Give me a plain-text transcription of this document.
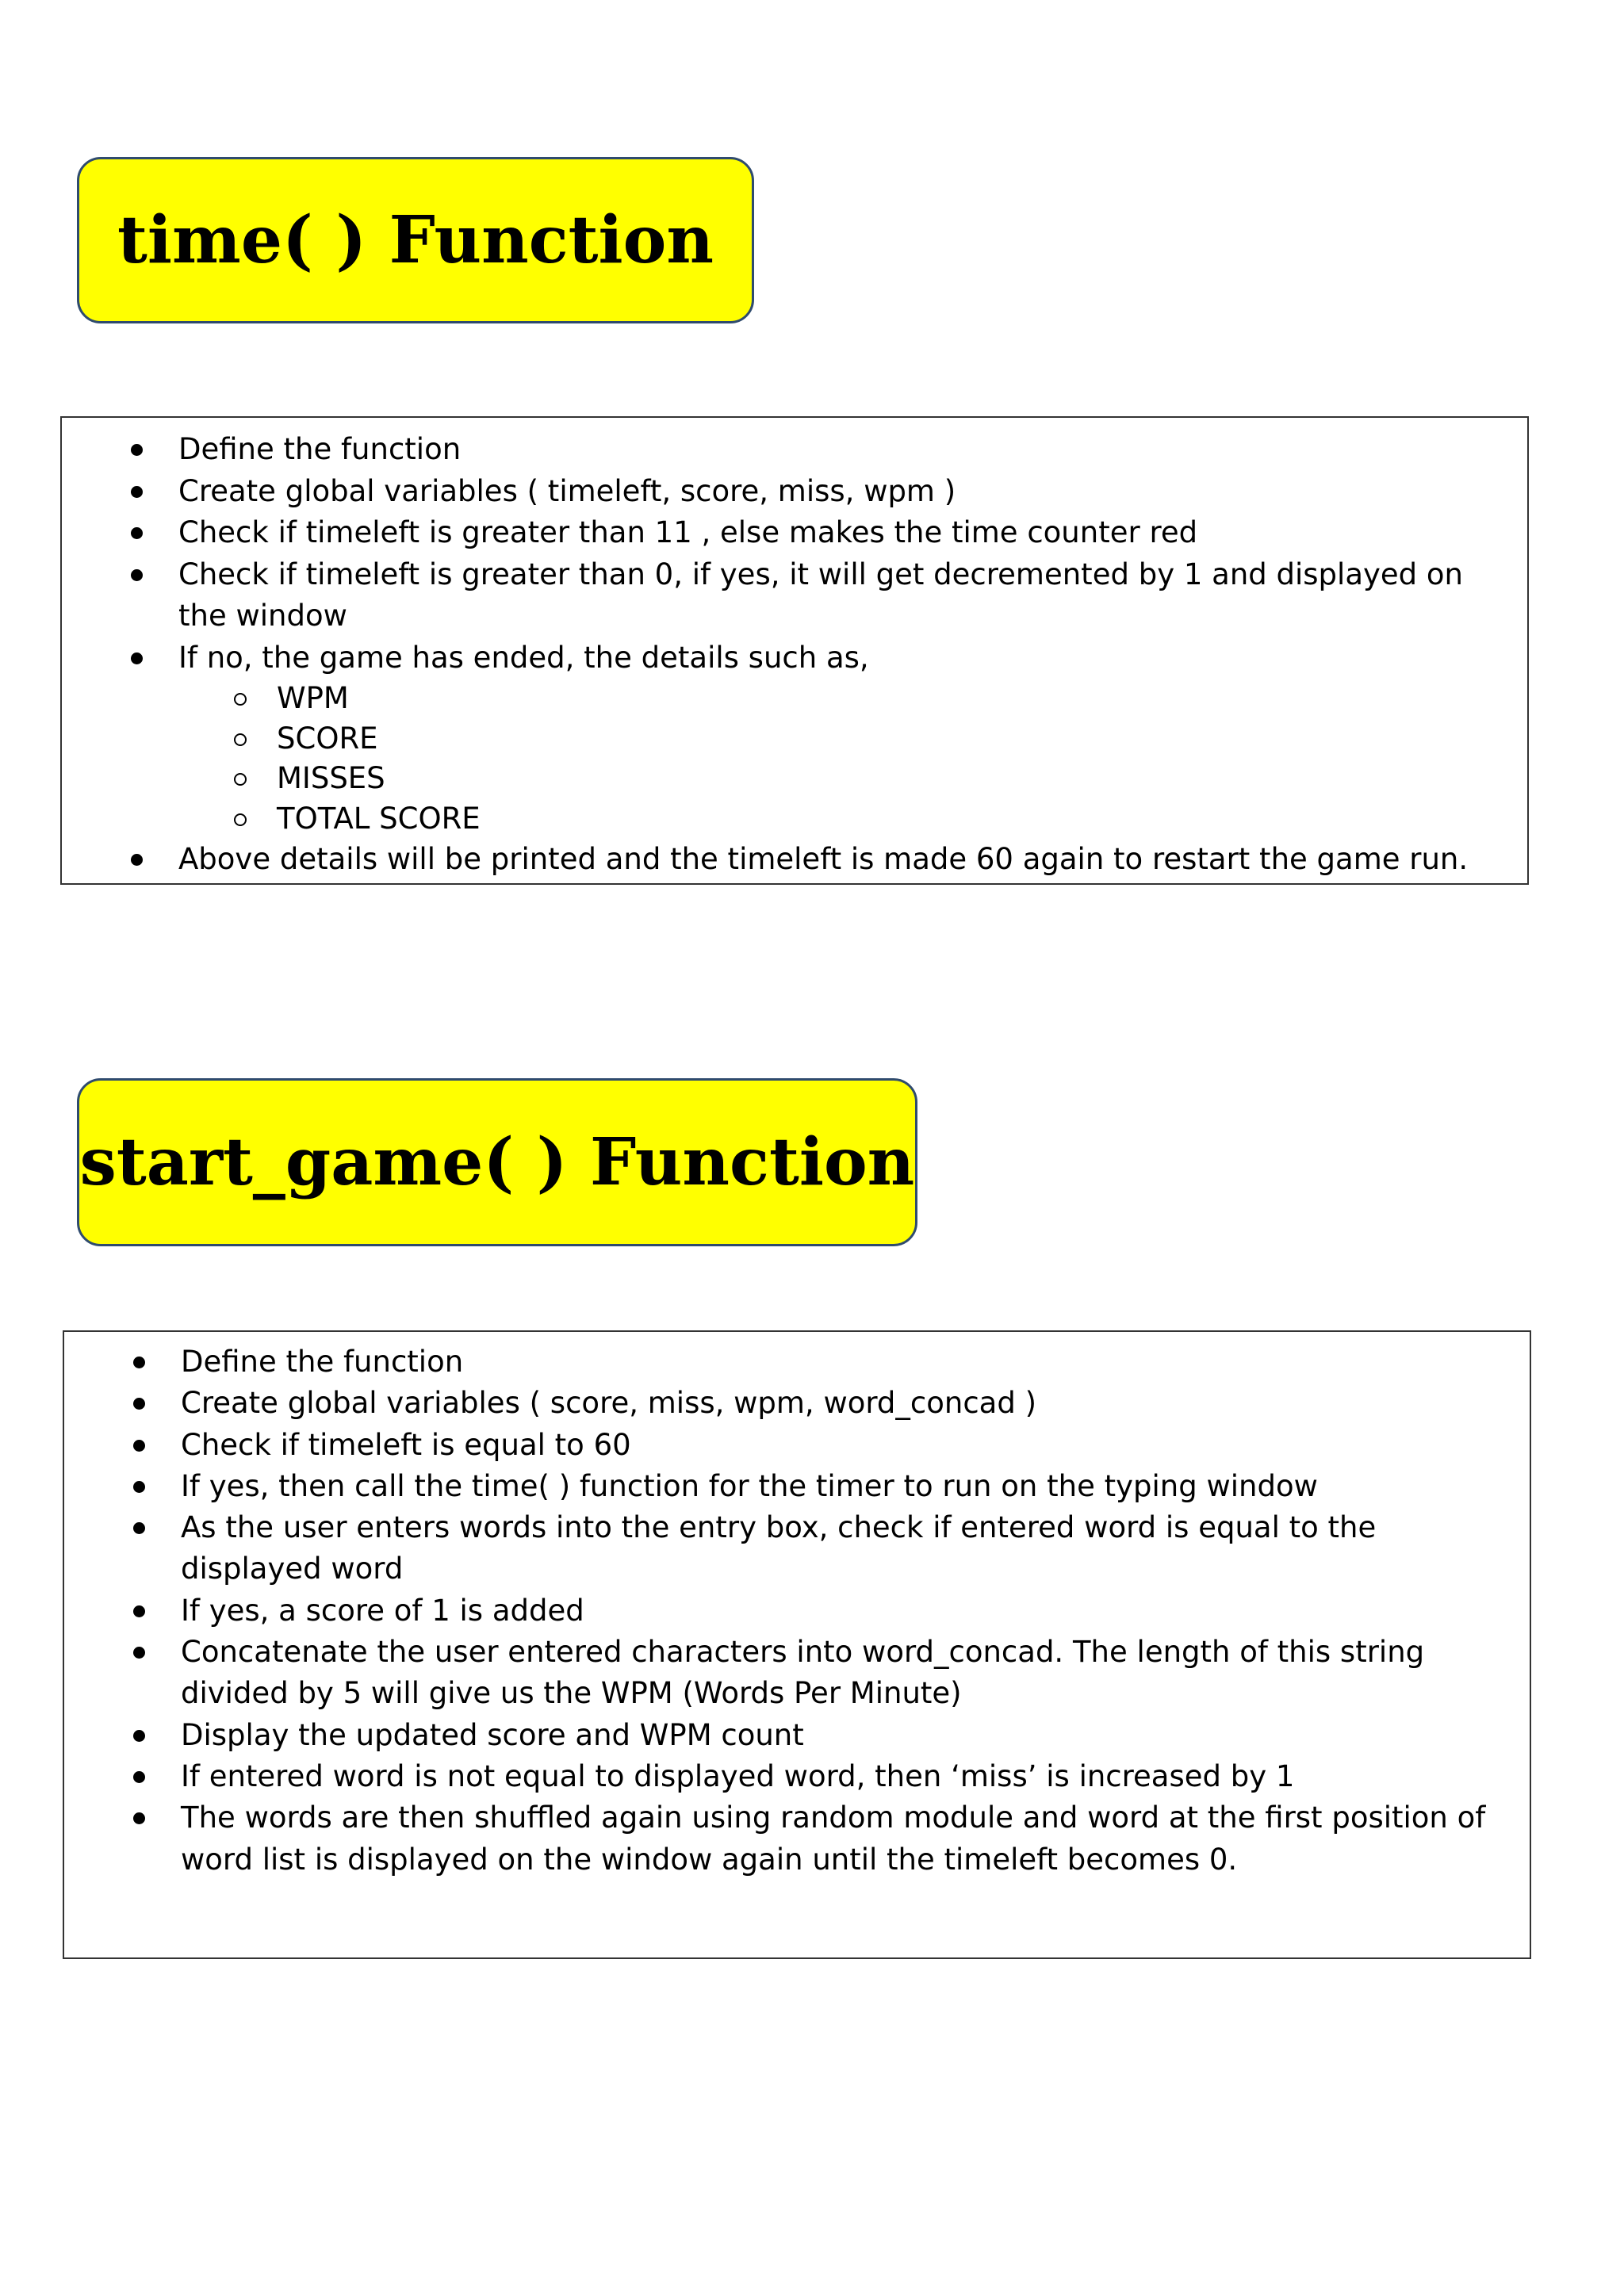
time( ) Function
Define the function
Create global variables ( timeleft, score, miss, wpm )
Check if timeleft is greater than 11 , else makes the time counter red
Check if timeleft is greater than 0, if yes, it will get decremented by 1 and displayed on the window
If no, the game has ended, the details such as,
WPM
SCORE
MISSES
TOTAL SCORE
Above details will be printed and the timeleft is made 60 again to restart the game run.
start_game( ) Function
Define the function
Create global variables ( score, miss, wpm, word_concad )
Check if timeleft is equal to 60
If yes, then call the time( ) function for the timer to run on the typing window
As the user enters words into the entry box, check if entered word is equal to the displayed word
If yes, a score of 1 is added
Concatenate the user entered characters into word_concad. The length of this string divided by 5 will give us the WPM (Words Per Minute)
Display the updated score and WPM count
If entered word is not equal to displayed word, then ‘miss’ is increased by 1
The words are then shuffled again using random module and word at the first position of word list is displayed on the window again until the timeleft becomes 0.
